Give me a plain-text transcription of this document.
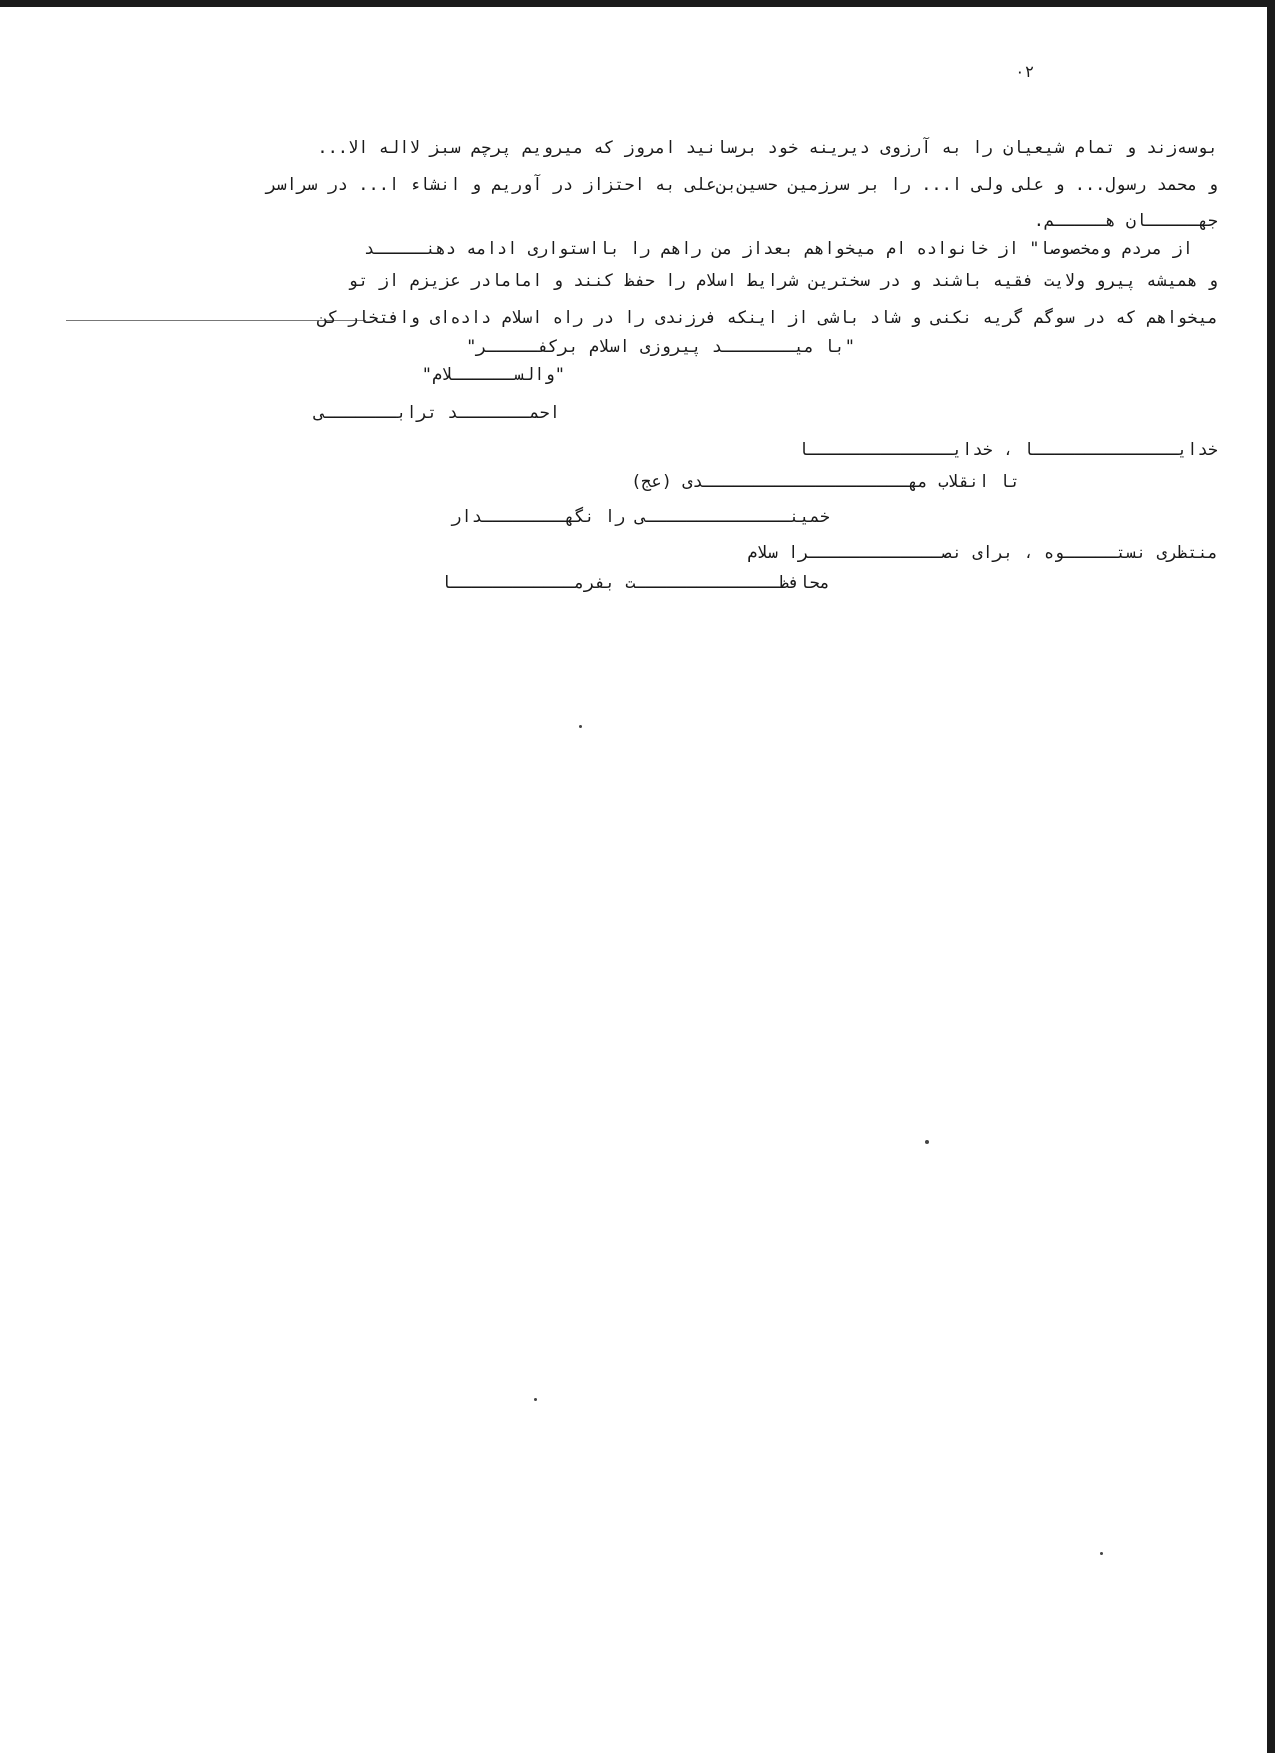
۰۲
بوسه‌زند و تمام شیعیان را به آرزوی دیرینه خود برسانید امروز که میرویم پرچم سبز لااله الا...
و محمد رسول... و علی ولی ا... را بر سرزمین حسین‌بن‌علی به احتزاز در آوریم و انشاء ا... در سراسر
جهـــــان هـــــم.
از مردم ومخصوصا" از خانواده ام میخواهم بعداز من راهم را بااستواری ادامه دهنـــــد
و همیشه پیرو ولایت فقیه باشند و در سخترین شرایط اسلام را حفظ کنند و امامادر عزیزم از تو
میخواهم که در سوگم گریه نکنی و شاد باشی از اینکه فرزندی را در راه اسلام داده‌ای وافتخار کن
"با میـــــــد پیروزی اسلام برکفـــــر"
"والســــــلام"
احمـــــــد ترابـــــــی
خدایــــــــــــــا ، خدایــــــــــــــا
تا انقلاب مهــــــــــــــــــــدی (عج)
خمینــــــــــــــی را نگهــــــــدار
منتظری نستـــــوه ، برای نصـــــــــــــرا سلام
محافظــــــــــــــت بفرمــــــــــــا
